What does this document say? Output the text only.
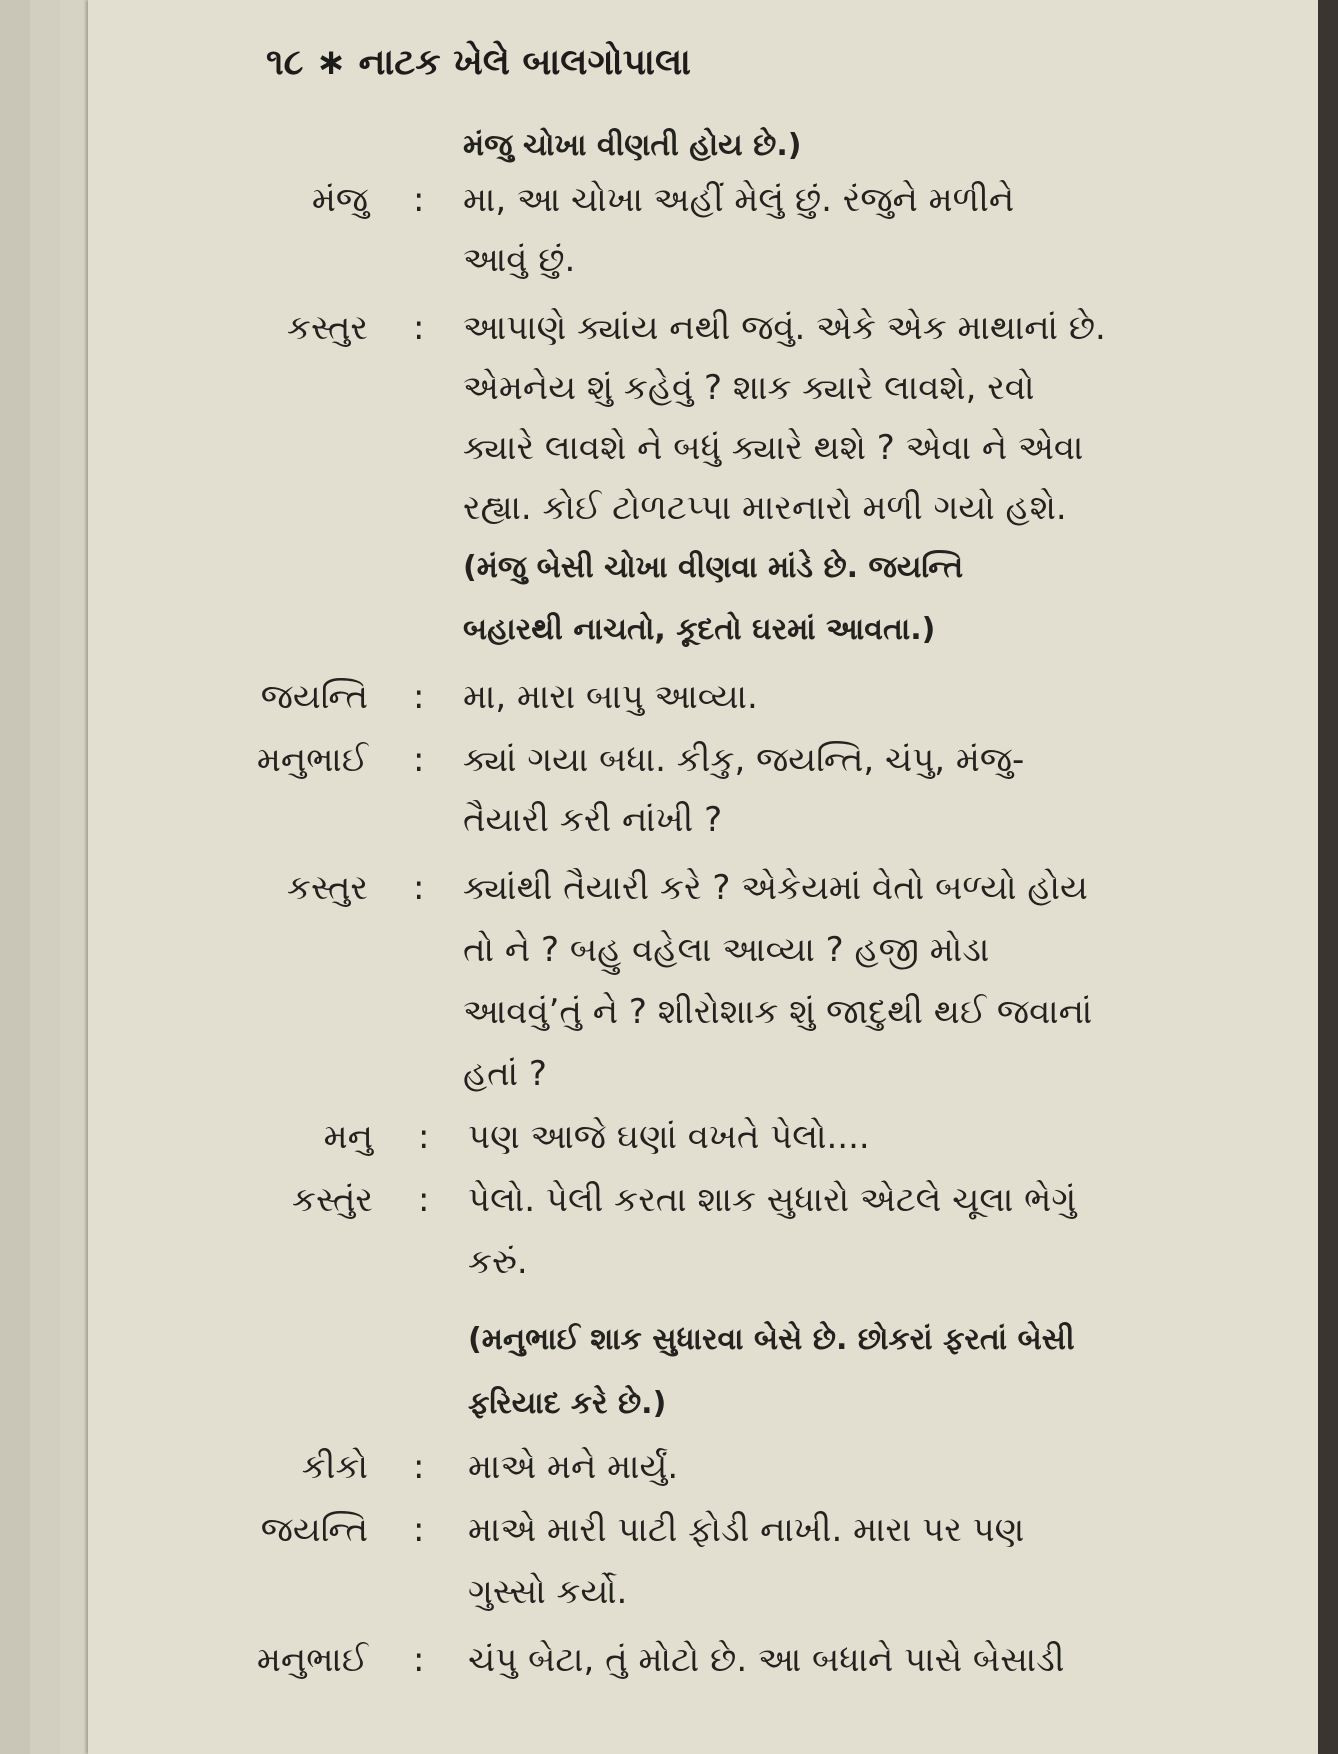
૧૮ ∗ નાટક ખેલે બાલગોપાલા
મંજુ ચોખા વીણતી હોય છે.)
મંજુ : મા, આ ચોખા અહીં મેલું છું. રંજુને મળીને
આવું છું.
કસ્તુર : આપાણે ક્યાંય નથી જવું. એકે એક માથાનાં છે.
એમનેય શું કહેવું ? શાક ક્યારે લાવશે, રવો
ક્યારે લાવશે ને બધું ક્યારે થશે ? એવા ને એવા
રહ્યા. કોઈ ટોળટપ્પા મારનારો મળી ગયો હશે.
(મંજુ બેસી ચોખા વીણવા માંડે છે. જયન્તિ
બહારથી નાચતો, કૂદતો ઘરમાં આવતા.)
જયન્તિ : મા, મારા બાપુ આવ્યા.
મનુભાઈ : ક્યાં ગયા બધા. કીકુ, જયન્તિ, ચંપુ, મંજુ-
તૈયારી કરી નાંખી ?
કસ્તુર : ક્યાંથી તૈયારી કરે ? એકેયમાં વેતો બળ્યો હોય
તો ને ? બહુ વહેલા આવ્યા ? હજી મોડા
આવવું’તું ને ? શીરોશાક શું જાદુથી થઈ જવાનાં
હતાં ?
મનુ : પણ આજે ઘણાં વખતે પેલો....
કસ્તુંર : પેલો. પેલી કરતા શાક સુધારો એટલે ચૂલા ભેગું
કરું.
(મનુભાઈ શાક સુધારવા બેસે છે. છોકરાં ફરતાં બેસી
ફરિયાદ કરે છે.)
કીકો : માએ મને માર્યું.
જયન્તિ : માએ મારી પાટી ફોડી નાખી. મારા પર પણ
ગુસ્સો કર્યો.
મનુભાઈ : ચંપુ બેટા, તું મોટો છે. આ બધાને પાસે બેસાડી
